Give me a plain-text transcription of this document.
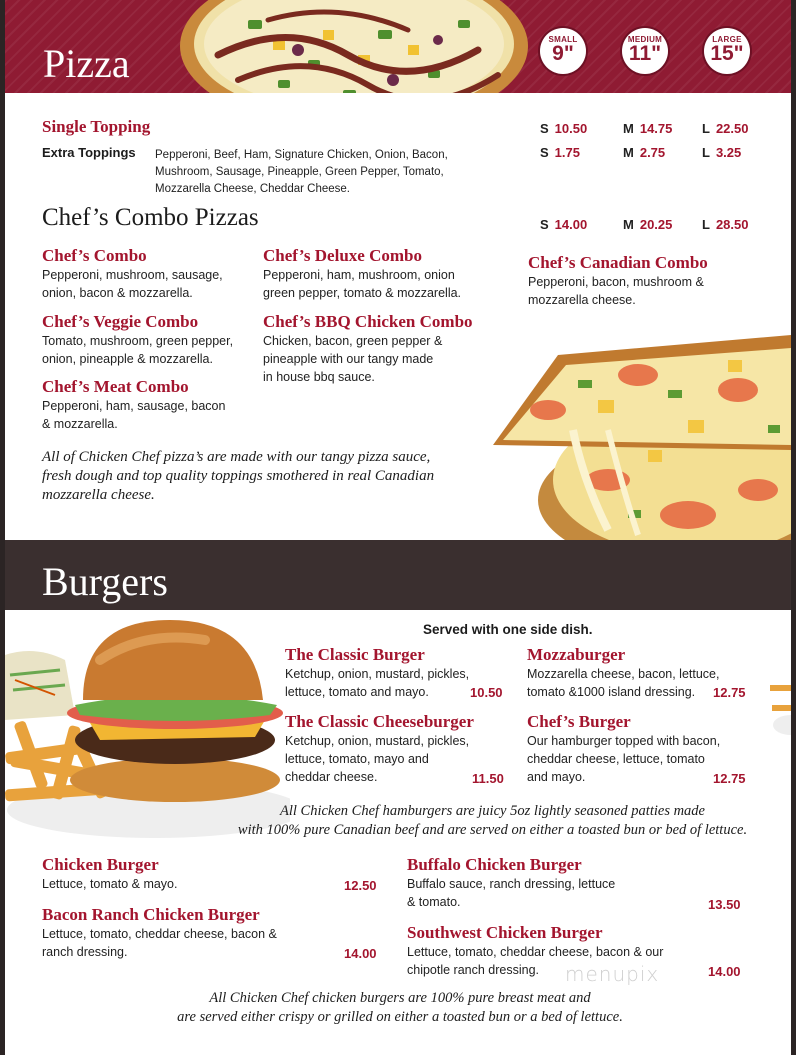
Pizza
SMALL
9"
MEDIUM
11"
LARGE
15"
Single Topping	S 10.50	M 14.75 L 22.50
Extra Toppings Pepperoni, Beef, Ham, Signature Chicken, Onion, Bacon,
Mushroom, Sausage, Pineapple, Green Pepper, Tomato,
Mozzarella Cheese, Cheddar Cheese.
S 1.75	M 2.75	L 3.25
Chef’s Combo Pizzas	S 14.00	M 20.25 L 28.50
Chef’s Combo
Pepperoni, mushroom, sausage,
onion, bacon & mozzarella.
Chef’s Deluxe Combo
Pepperoni, ham, mushroom, onion
green pepper, tomato & mozzarella.
Chef’s Canadian Combo
Pepperoni, bacon, mushroom &
mozzarella cheese.
Chef’s Veggie Combo
Tomato, mushroom, green pepper,
onion, pineapple & mozzarella.
Chef’s BBQ Chicken Combo
Chicken, bacon, green pepper &
pineapple with our tangy made
in house bbq sauce.
Chef’s Meat Combo
Pepperoni, ham, sausage, bacon
& mozzarella.
All of Chicken Chef pizza’s are made with our tangy pizza sauce,
fresh dough and top quality toppings smothered in real Canadian
mozzarella cheese.
Burgers
Served with one side dish.
The Classic Burger
Ketchup, onion, mustard, pickles,
lettuce, tomato and mayo.	10.50
Mozzaburger
Mozzarella cheese, bacon, lettuce,
tomato &1000 island dressing.	12.75
The Classic Cheeseburger
Ketchup, onion, mustard, pickles,
lettuce, tomato, mayo and
cheddar cheese.	11.50
Chef’s Burger
Our hamburger topped with bacon,
cheddar cheese, lettuce, tomato
and mayo.	12.75
All Chicken Chef hamburgers are juicy 5oz lightly seasoned patties made
with 100% pure Canadian beef and are served on either a toasted bun or bed of lettuce.
Chicken Burger
Lettuce, tomato & mayo.	12.50
Buffalo Chicken Burger
Buffalo sauce, ranch dressing, lettuce
& tomato.	13.50
Bacon Ranch Chicken Burger
Lettuce, tomato, cheddar cheese, bacon &
ranch dressing.	14.00
Southwest Chicken Burger
Lettuce, tomato, cheddar cheese, bacon & our
chipotle ranch dressing.	14.00
menupix
All Chicken Chef chicken burgers are 100% pure breast meat and
are served either crispy or grilled on either a toasted bun or a bed of lettuce.
